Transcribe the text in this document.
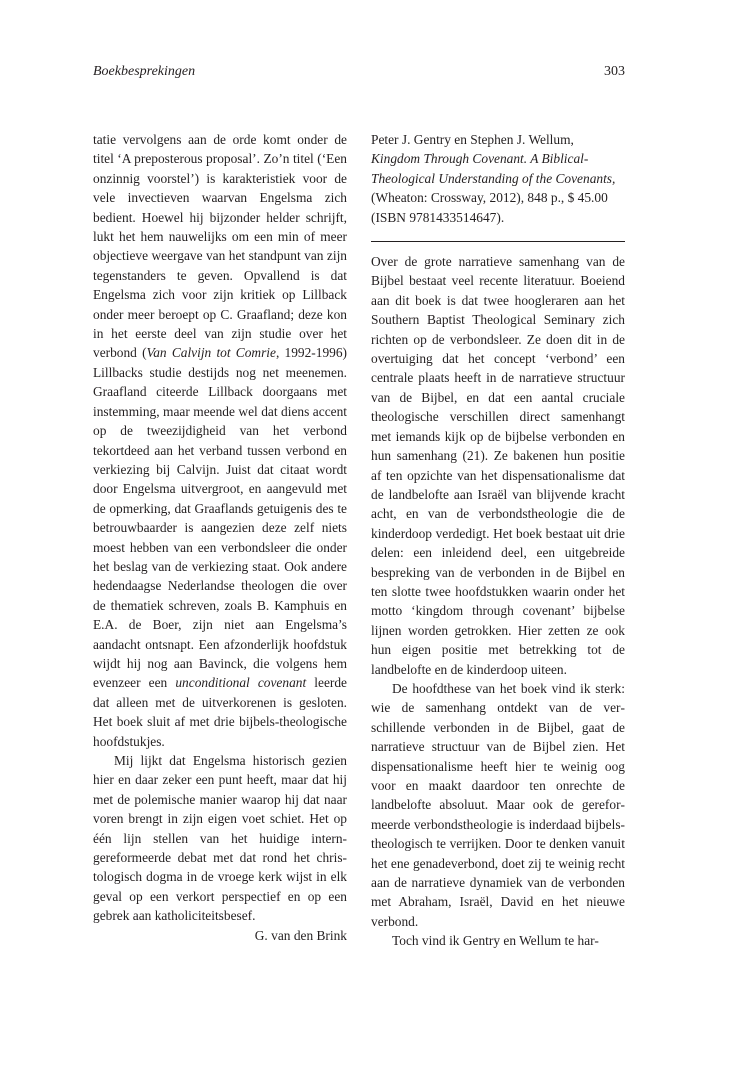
Boekbesprekingen	303

tatie vervolgens aan de orde komt onder de titel ‘A preposterous proposal’. Zo’n titel (‘Een onzinnig voorstel’) is karakteristiek voor de vele invectieven waarvan Engelsma zich bedient. Hoewel hij bijzonder helder schrijft, lukt het hem nauwelijks om een min of meer objectieve weergave van het standpunt van zijn tegenstanders te geven. Opvallend is dat Engelsma zich voor zijn kritiek op Lillback onder meer beroept op C. Graafland; deze kon in het eerste deel van zijn studie over het verbond (Van Calvijn tot Comrie, 1992-1996) Lillbacks studie destijds nog net meenemen. Graafland citeerde Lillback doorgaans met instemming, maar meende wel dat diens accent op de tweezijdigheid van het verbond tekortdeed aan het verband tussen verbond en verkiezing bij Calvijn. Juist dat citaat wordt door Engelsma uitvergroot, en aangevuld met de opmerking, dat Graaflands getuigenis des te betrouwbaarder is aangezien deze zelf niets moest hebben van een verbondsleer die onder het beslag van de verkiezing staat. Ook andere hedendaagse Nederlandse theologen die over de thematiek schreven, zoals B. Kamphuis en E.A. de Boer, zijn niet aan Engelsma’s aandacht ontsnapt. Een afzonderlijk hoofdstuk wijdt hij nog aan Bavinck, die volgens hem evenzeer een unconditional covenant leerde dat alleen met de uitverkorenen is gesloten. Het boek sluit af met drie bijbels-theologische hoofdstukjes.

Mij lijkt dat Engelsma historisch gezien hier en daar zeker een punt heeft, maar dat hij met de polemische manier waarop hij dat naar voren brengt in zijn eigen voet schiet. Het op één lijn stellen van het huidige intern-gereformeerde debat met dat rond het christologisch dogma in de vroege kerk wijst in elk geval op een verkort perspectief en op een gebrek aan katholiciteitsbesef.

G. van den Brink

Peter J. Gentry en Stephen J. Wellum,
Kingdom Through Covenant. A Biblical-Theological Understanding of the Covenants,
(Wheaton: Crossway, 2012), 848 p., $ 45.00 (ISBN 9781433514647).

Over de grote narratieve samenhang van de Bijbel bestaat veel recente literatuur. Boeiend aan dit boek is dat twee hoogleraren aan het Southern Baptist Theological Seminary zich richten op de verbondsleer. Ze doen dit in de overtuiging dat het concept ‘verbond’ een centrale plaats heeft in de narratieve structuur van de Bijbel, en dat een aantal cruciale theologische verschillen direct samenhangt met iemands kijk op de bijbelse verbonden en hun samenhang (21). Ze bakenen hun positie af ten opzichte van het dispensationalisme dat de landbelofte aan Israël van blijvende kracht acht, en van de verbondstheologie die de kinderdoop verdedigt. Het boek bestaat uit drie delen: een inleidend deel, een uitgebreide bespreking van de verbonden in de Bijbel en ten slotte twee hoofdstukken waarin onder het motto ‘kingdom through covenant’ bijbelse lijnen worden getrokken. Hier zetten ze ook hun eigen positie met betrekking tot de landbelofte en de kinderdoop uiteen.

De hoofdthese van het boek vind ik sterk: wie de samenhang ontdekt van de verschillende verbonden in de Bijbel, gaat de narratieve structuur van de Bijbel zien. Het dispensationalisme heeft hier te weinig oog voor en maakt daardoor ten onrechte de landbelofte absoluut. Maar ook de gereformeerde verbondstheologie is inderdaad bijbels-theologisch te verrijken. Door te denken vanuit het ene genadeverbond, doet zij te weinig recht aan de narratieve dynamiek van de verbonden met Abraham, Israël, David en het nieuwe verbond.

Toch vind ik Gentry en Wellum te har-
